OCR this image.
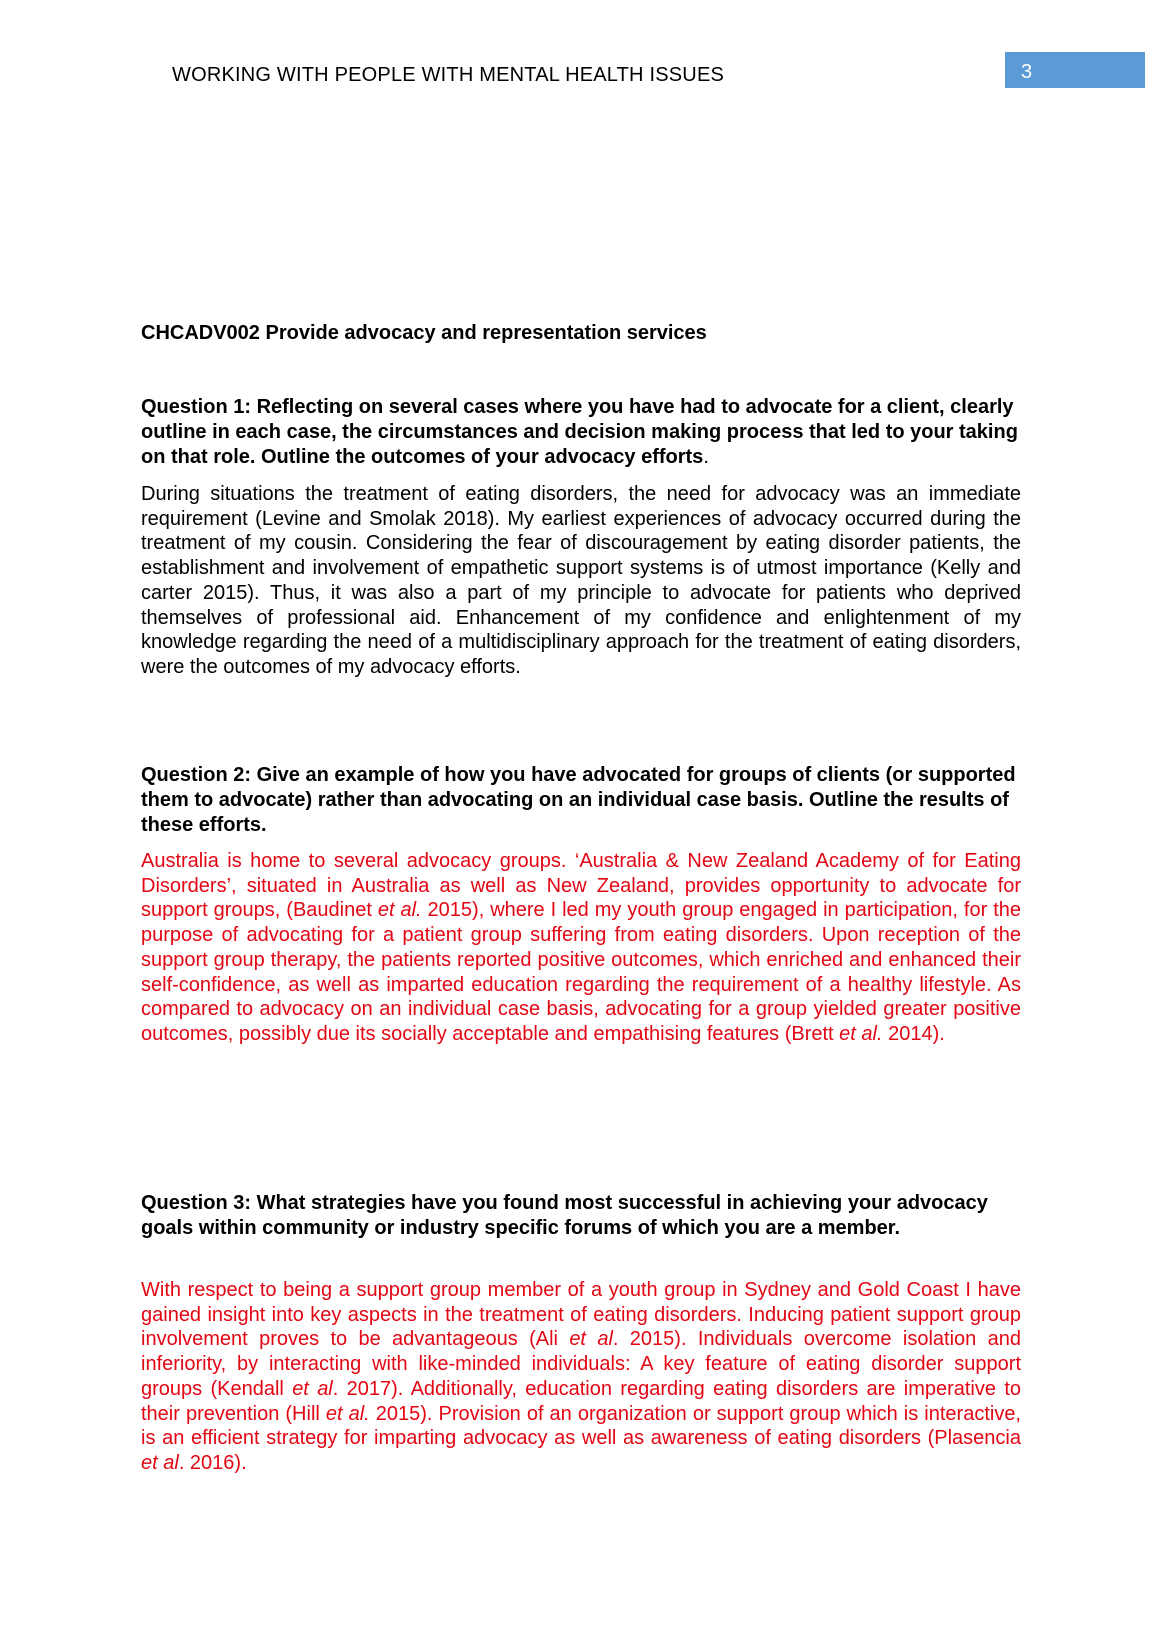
WORKING WITH PEOPLE WITH MENTAL HEALTH ISSUES	3
CHCADV002 Provide advocacy and representation services
Question 1: Reflecting on several cases where you have had to advocate for a client, clearly outline in each case, the circumstances and decision making process that led to your taking on that role. Outline the outcomes of your advocacy efforts.
During situations the treatment of eating disorders, the need for advocacy was an immediate requirement (Levine and Smolak 2018). My earliest experiences of advocacy occurred during the treatment of my cousin. Considering the fear of discouragement by eating disorder patients, the establishment and involvement of empathetic support systems is of utmost importance (Kelly and carter 2015). Thus, it was also a part of my principle to advocate for patients who deprived themselves of professional aid. Enhancement of my confidence and enlightenment of my knowledge regarding the need of a multidisciplinary approach for the treatment of eating disorders, were the outcomes of my advocacy efforts.
Question 2: Give an example of how you have advocated for groups of clients (or supported them to advocate) rather than advocating on an individual case basis. Outline the results of these efforts.
Australia is home to several advocacy groups. ‘Australia & New Zealand Academy of for Eating Disorders’, situated in Australia as well as New Zealand, provides opportunity to advocate for support groups, (Baudinet et al. 2015), where I led my youth group engaged in participation, for the purpose of advocating for a patient group suffering from eating disorders. Upon reception of the support group therapy, the patients reported positive outcomes, which enriched and enhanced their self-confidence, as well as imparted education regarding the requirement of a healthy lifestyle. As compared to advocacy on an individual case basis, advocating for a group yielded greater positive outcomes, possibly due its socially acceptable and empathising features (Brett et al. 2014).
Question 3: What strategies have you found most successful in achieving your advocacy goals within community or industry specific forums of which you are a member.
With respect to being a support group member of a youth group in Sydney and Gold Coast I have gained insight into key aspects in the treatment of eating disorders. Inducing patient support group involvement proves to be advantageous (Ali et al. 2015). Individuals overcome isolation and inferiority, by interacting with like-minded individuals: A key feature of eating disorder support groups (Kendall et al. 2017). Additionally, education regarding eating disorders are imperative to their prevention (Hill et al. 2015). Provision of an organization or support group which is interactive, is an efficient strategy for imparting advocacy as well as awareness of eating disorders (Plasencia et al. 2016).
